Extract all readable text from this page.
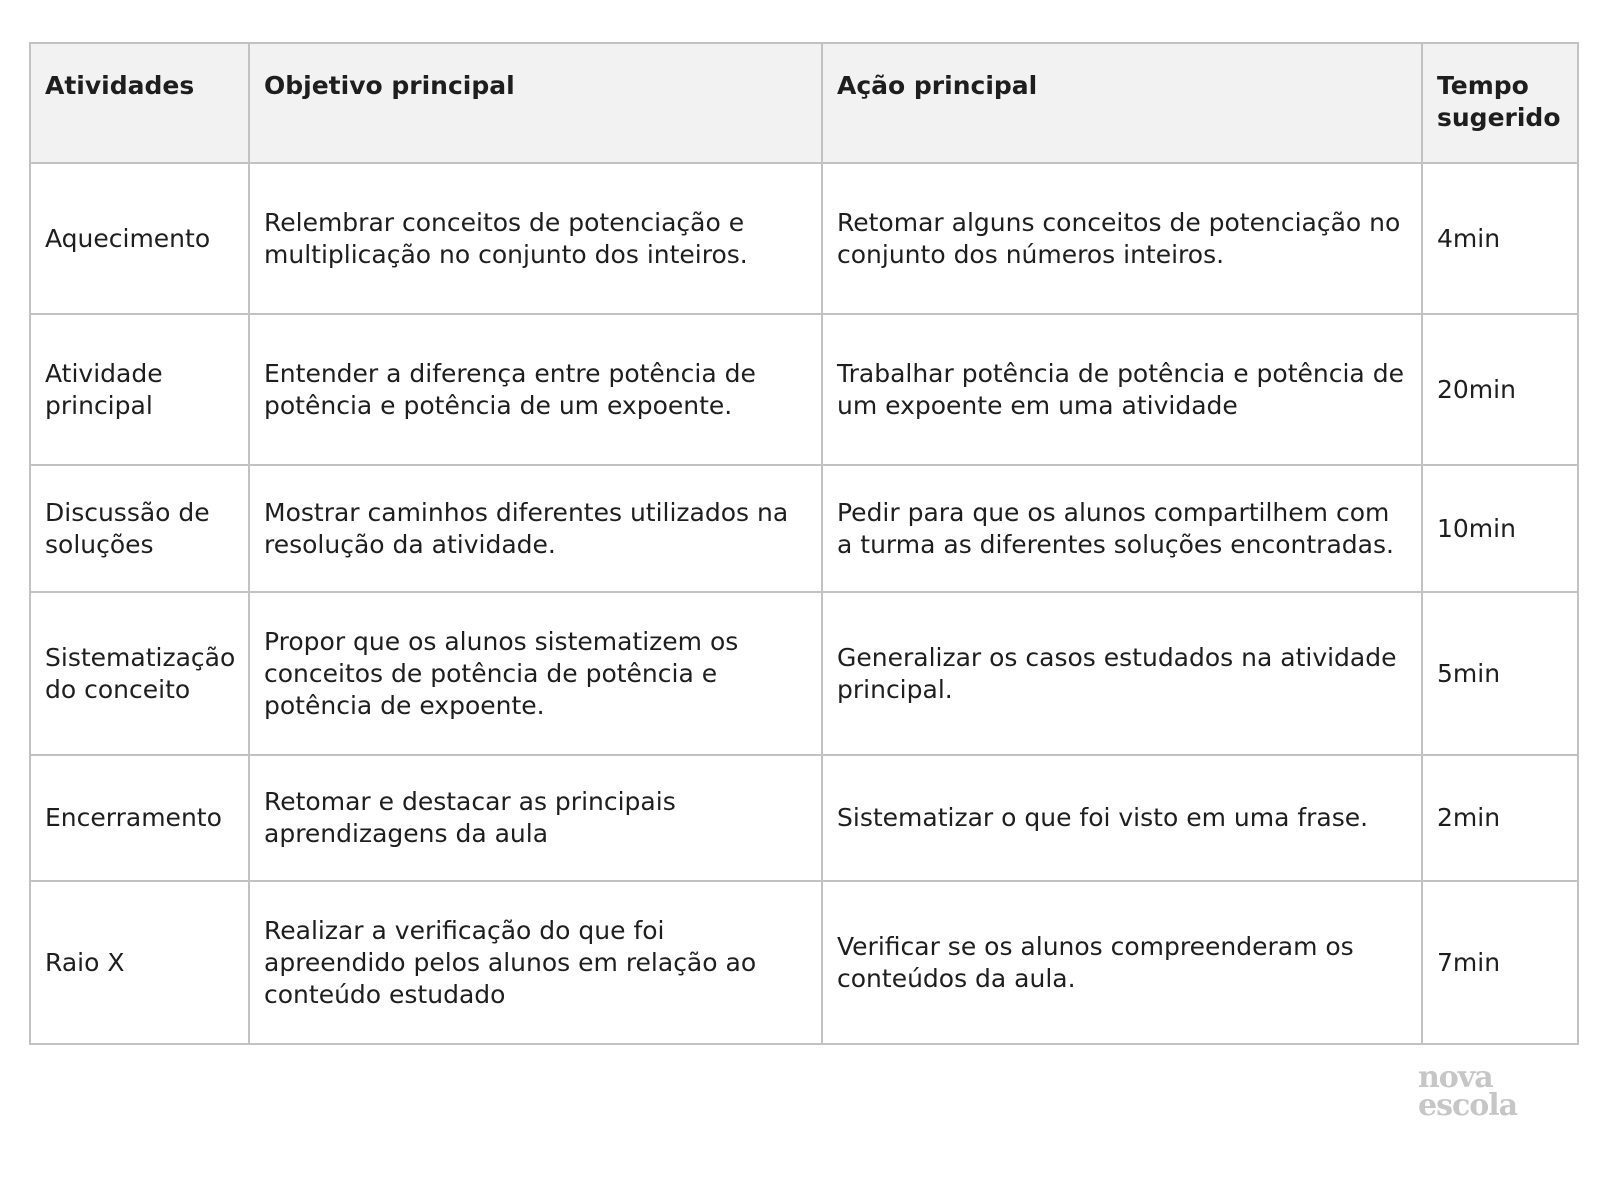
Atividades	Objetivo principal	Ação principal	Tempo sugerido
Aquecimento	Relembrar conceitos de potenciação e multiplicação no conjunto dos inteiros.	Retomar alguns conceitos de potenciação no conjunto dos números inteiros.	4min
Atividade principal	Entender a diferença entre potência de potência e potência de um expoente.	Trabalhar potência de potência e potência de um expoente em uma atividade	20min
Discussão de soluções	Mostrar caminhos diferentes utilizados na resolução da atividade.	Pedir para que os alunos compartilhem com a turma as diferentes soluções encontradas.	10min
Sistematização do conceito	Propor que os alunos sistematizem os conceitos de potência de potência e potência de expoente.	Generalizar os casos estudados na atividade principal.	5min
Encerramento	Retomar e destacar as principais aprendizagens da aula	Sistematizar o que foi visto em uma frase.	2min
Raio X	Realizar a verificação do que foi apreendido pelos alunos em relação ao conteúdo estudado	Verificar se os alunos compreenderam os conteúdos da aula.	7min
nova
escola
